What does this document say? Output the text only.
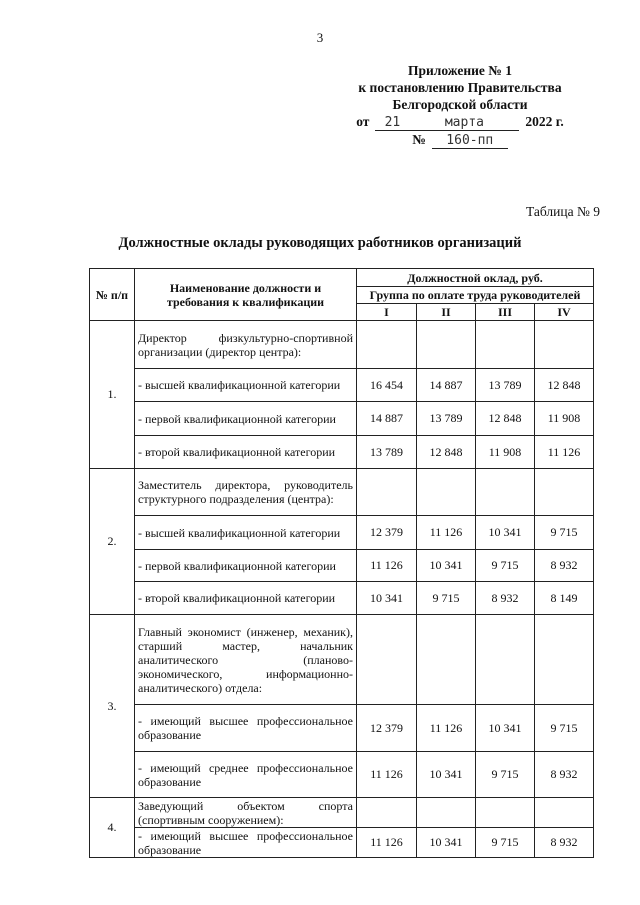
3
Приложение № 1
к постановлению Правительства
Белгородской области
от	21	марта	2022 г.
№	160-пп
Таблица № 9
Должностные оклады руководящих работников организаций
№ п/п	Наименование должности и требования к квалификации	Должностной оклад, руб.			
		Группа по оплате труда руководителей			
		I	II	III	IV
1.	Директор физкультурно-спортивной организации (директор центра):				
	- высшей квалификационной категории	16 454	14 887	13 789	12 848
	- первой квалификационной категории	14 887	13 789	12 848	11 908
	- второй квалификационной категории	13 789	12 848	11 908	11 126
2.	Заместитель директора, руководитель структурного подразделения (центра):				
	- высшей квалификационной категории	12 379	11 126	10 341	9 715
	- первой квалификационной категории	11 126	10 341	9 715	8 932
	- второй квалификационной категории	10 341	9 715	8 932	8 149
3.	Главный экономист (инженер, механик), старший мастер, начальник аналитического (планово-экономического, информационно-аналитического) отдела:				
	- имеющий высшее профессиональное образование	12 379	11 126	10 341	9 715
	- имеющий среднее профессиональное образование	11 126	10 341	9 715	8 932
4.	Заведующий объектом спорта (спортивным сооружением):				
	- имеющий высшее профессиональное образование	11 126	10 341	9 715	8 932
